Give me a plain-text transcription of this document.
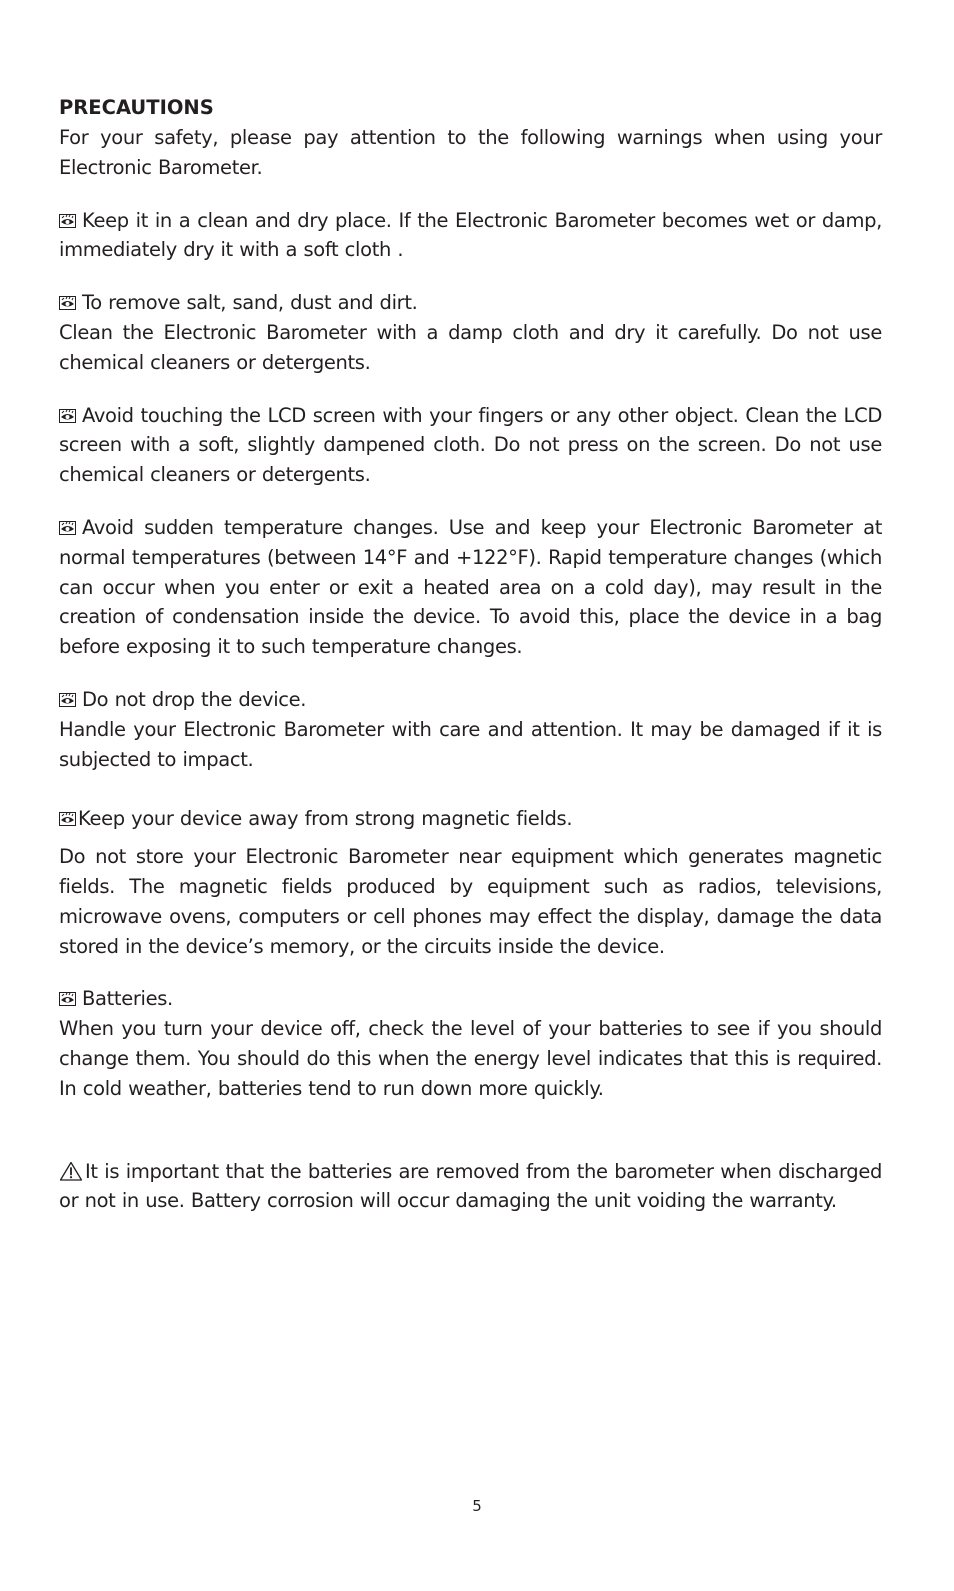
PRECAUTIONS

For your safety, please pay attention to the following warnings when using your Electronic Barometer.

Keep it in a clean and dry place. If the Electronic Barometer becomes wet or damp, immediately dry it with a soft cloth .

To remove salt, sand, dust and dirt.

Clean the Electronic Barometer with a damp cloth and dry it carefully. Do not use chemical cleaners or detergents.

Avoid touching the LCD screen with your fingers or any other object. Clean the LCD screen with a soft, slightly dampened cloth. Do not press on the screen. Do not use chemical cleaners or detergents.

Avoid sudden temperature changes. Use and keep your Electronic Barometer at normal temperatures (between 14°F and +122°F). Rapid temperature changes (which can occur when you enter or exit a heated area on a cold day), may result in the creation of condensation inside the device. To avoid this, place the device in a bag before exposing it to such temperature changes.

Do not drop the device.

Handle your Electronic Barometer with care and attention. It may be damaged if it is subjected to impact.

Keep your device away from strong magnetic fields.

Do not store your Electronic Barometer near equipment which generates magnetic fields. The magnetic fields produced by equipment such as radios, televisions, microwave ovens, computers or cell phones may effect the display, damage the data stored in the device’s memory, or the circuits inside the device.

Batteries.

When you turn your device off, check the level of your batteries to see if you should change them. You should do this when the energy level indicates that this is required. In cold weather, batteries tend to run down more quickly.

It is important that the batteries are removed from the barometer when discharged or not in use. Battery corrosion will occur damaging the unit voiding the warranty.

5
